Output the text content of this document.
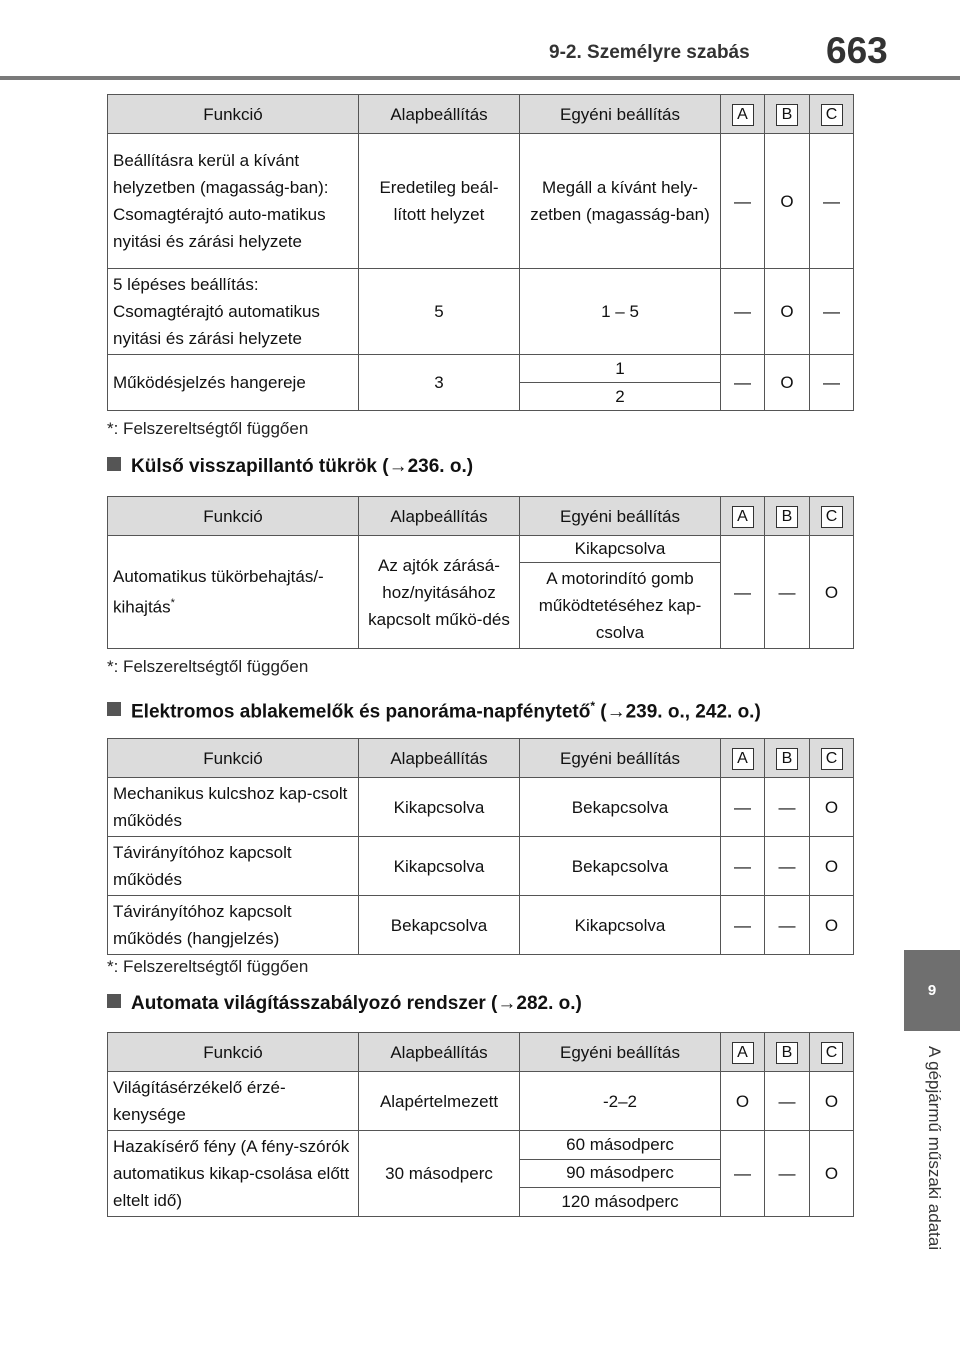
9-2. Személyre szabás 663
9
A gépjármű műszaki adatai
Funkció	Alapbeállítás	Egyéni beállítás	A	B	C
Beállításra kerül a kívánt helyzetben (magasság-ban): Csomagtérajtó auto-matikus nyitási és zárási helyzete	Eredetileg beál-lított helyzet	Megáll a kívánt hely-zetben (magasság-ban)	—	O	—
5 lépéses beállítás: Csomagtérajtó automatikus nyitási és zárási helyzete	5	1 – 5	—	O	—
Működésjelzés hangereje	3	1	—	O	—
		2			
*: Felszereltségtől függően
Külső visszapillantó tükrök (→236. o.)
Funkció	Alapbeállítás	Egyéni beállítás	A	B	C
Automatikus tükörbehajtás/-kihajtás*	Az ajtók zárásá-hoz/nyitásához kapcsolt műkö-dés	Kikapcsolva	—	—	O
		A motorindító gomb működtetéséhez kap-csolva			
*: Felszereltségtől függően
Elektromos ablakemelők és panoráma-napfénytető* (→239. o., 242. o.)
Funkció	Alapbeállítás	Egyéni beállítás	A	B	C
Mechanikus kulcshoz kap-csolt működés	Kikapcsolva	Bekapcsolva	—	—	O
Távirányítóhoz kapcsolt működés	Kikapcsolva	Bekapcsolva	—	—	O
Távirányítóhoz kapcsolt működés (hangjelzés)	Bekapcsolva	Kikapcsolva	—	—	O
*: Felszereltségtől függően
Automata világításszabályozó rendszer (→282. o.)
Funkció	Alapbeállítás	Egyéni beállítás	A	B	C
Világításérzékelő érzé-kenysége	Alapértelmezett	-2–2	O	—	O
Hazakísérő fény (A fény-szórók automatikus kikap-csolása előtt eltelt idő)	30 másodperc	60 másodperc	—	—	O
		90 másodperc			
		120 másodperc			
